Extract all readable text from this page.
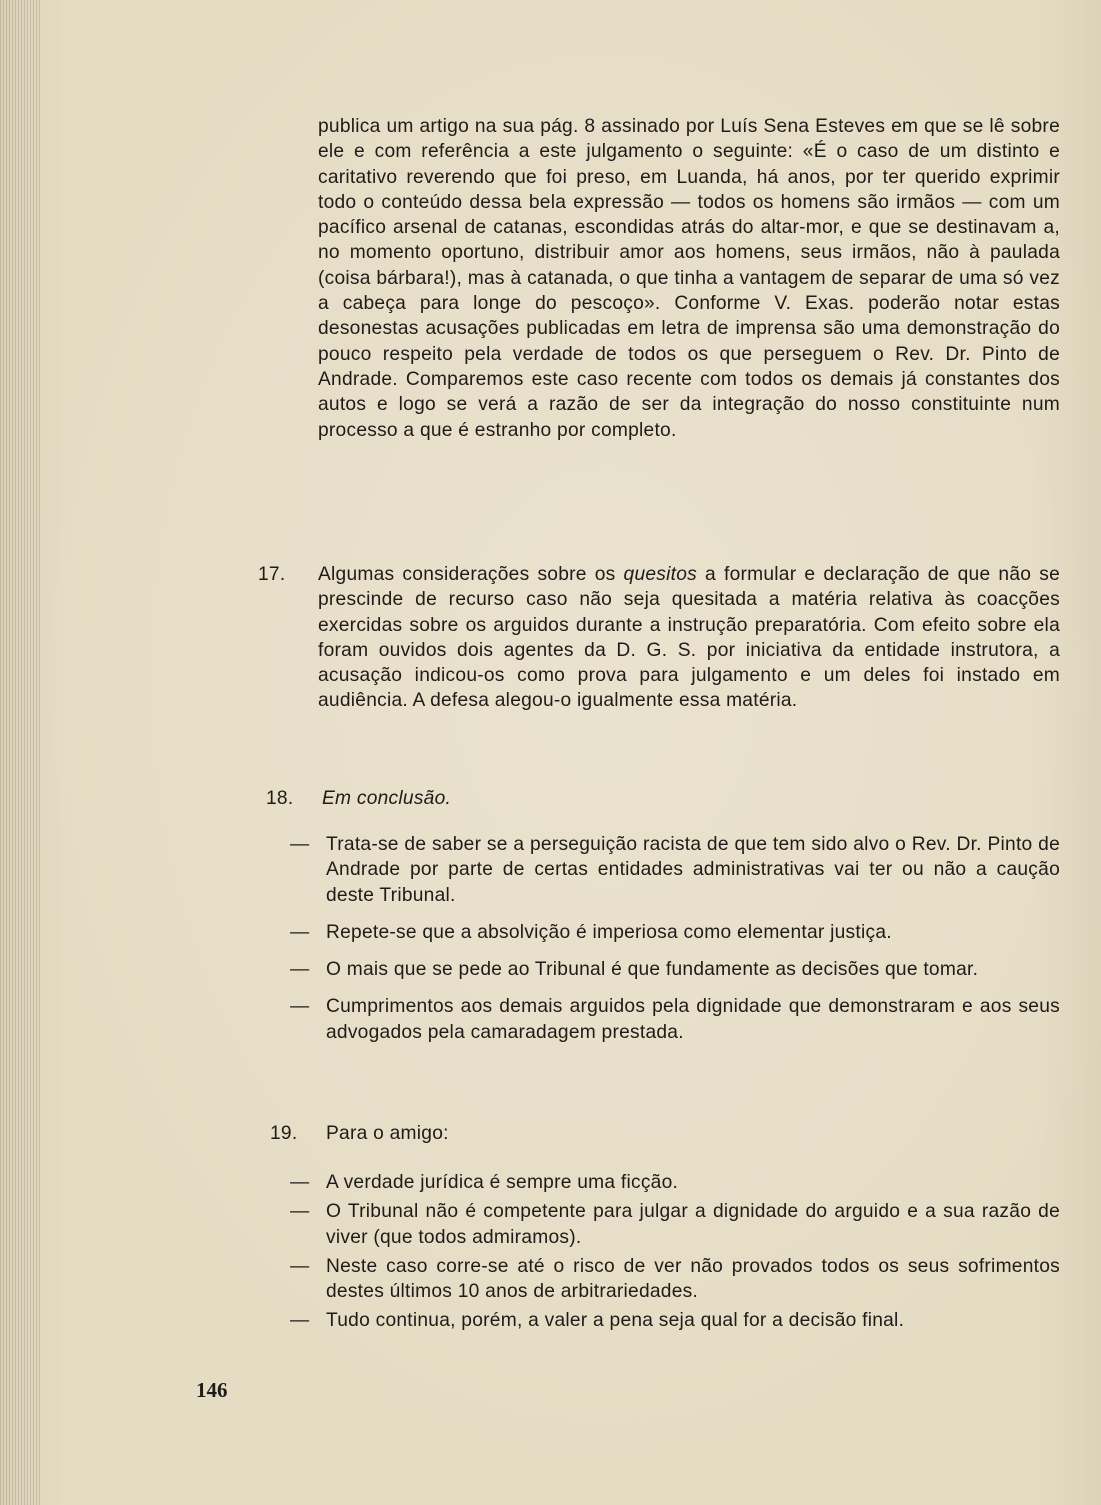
publica um artigo na sua pág. 8 assinado por Luís Sena Esteves em que se lê sobre ele e com referência a este julgamento o seguinte: «É o caso de um distinto e caritativo reverendo que foi preso, em Luanda, há anos, por ter querido exprimir todo o conteúdo dessa bela expressão — todos os homens são irmãos — com um pacífico arsenal de catanas, escondidas atrás do altar-mor, e que se destinavam a, no momento oportuno, distribuir amor aos homens, seus irmãos, não à paulada (coisa bárbara!), mas à catanada, o que tinha a vantagem de separar de uma só vez a cabeça para longe do pescoço». Conforme V. Exas. poderão notar estas desonestas acusações publicadas em letra de imprensa são uma demonstração do pouco respeito pela verdade de todos os que perseguem o Rev. Dr. Pinto de Andrade. Comparemos este caso recente com todos os demais já constantes dos autos e logo se verá a razão de ser da integração do nosso constituinte num processo a que é estranho por completo.

17. Algumas considerações sobre os quesitos a formular e declaração de que não se prescinde de recurso caso não seja quesitada a matéria relativa às coacções exercidas sobre os arguidos durante a instrução preparatória. Com efeito sobre ela foram ouvidos dois agentes da D. G. S. por iniciativa da entidade instrutora, a acusação indicou-os como prova para julgamento e um deles foi instado em audiência. A defesa alegou-o igualmente essa matéria.

18. Em conclusão.
— Trata-se de saber se a perseguição racista de que tem sido alvo o Rev. Dr. Pinto de Andrade por parte de certas entidades administrativas vai ter ou não a caução deste Tribunal.
— Repete-se que a absolvição é imperiosa como elementar justiça.
— O mais que se pede ao Tribunal é que fundamente as decisões que tomar.
— Cumprimentos aos demais arguidos pela dignidade que demonstraram e aos seus advogados pela camaradagem prestada.
19. Para o amigo:
— A verdade jurídica é sempre uma ficção.
— O Tribunal não é competente para julgar a dignidade do arguido e a sua razão de viver (que todos admiramos).
— Neste caso corre-se até o risco de ver não provados todos os seus sofrimentos destes últimos 10 anos de arbitrariedades.
— Tudo continua, porém, a valer a pena seja qual for a decisão final.
146
